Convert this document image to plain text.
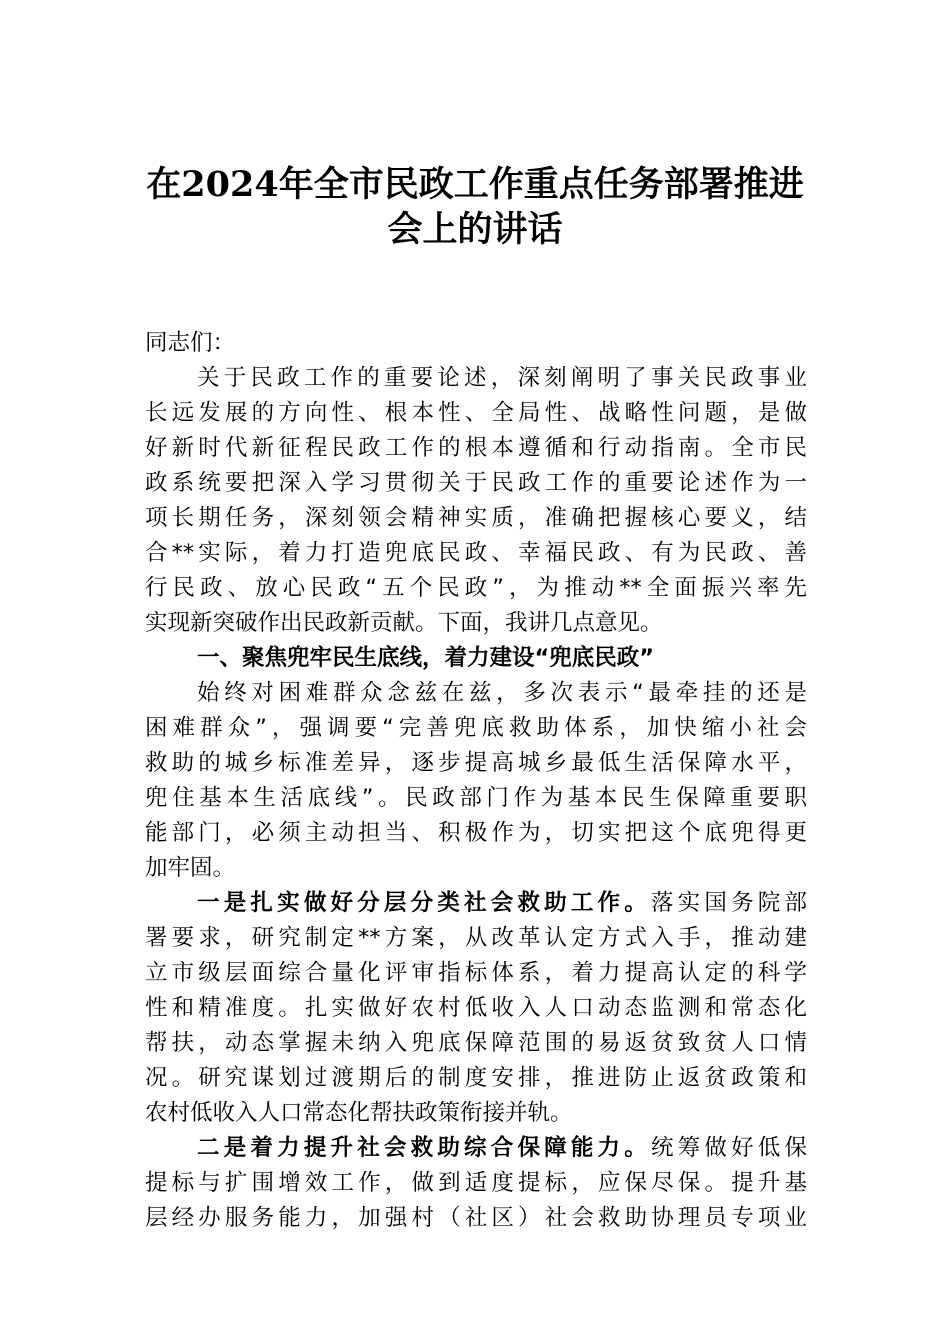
在2024年全市民政工作重点任务部署推进
会上的讲话
同志们：
关于民政工作的重要论述，深刻阐明了事关民政事业
长远发展的方向性、根本性、全局性、战略性问题，是做
好新时代新征程民政工作的根本遵循和行动指南。全市民
政系统要把深入学习贯彻关于民政工作的重要论述作为一
项长期任务，深刻领会精神实质，准确把握核心要义，结
合**实际，着力打造兜底民政、幸福民政、有为民政、善
行民政、放心民政“五个民政”，为推动**全面振兴率先
实现新突破作出民政新贡献。下面，我讲几点意见。
一、聚焦兜牢民生底线，着力建设“兜底民政”
始终对困难群众念兹在兹，多次表示“最牵挂的还是
困难群众”，强调要“完善兜底救助体系，加快缩小社会
救助的城乡标准差异，逐步提高城乡最低生活保障水平，
兜住基本生活底线”。民政部门作为基本民生保障重要职
能部门，必须主动担当、积极作为，切实把这个底兜得更
加牢固。
一是扎实做好分层分类社会救助工作。落实国务院部
署要求，研究制定**方案，从改革认定方式入手，推动建
立市级层面综合量化评审指标体系，着力提高认定的科学
性和精准度。扎实做好农村低收入人口动态监测和常态化
帮扶，动态掌握未纳入兜底保障范围的易返贫致贫人口情
况。研究谋划过渡期后的制度安排，推进防止返贫政策和
农村低收入人口常态化帮扶政策衔接并轨。
二是着力提升社会救助综合保障能力。统筹做好低保
提标与扩围增效工作，做到适度提标，应保尽保。提升基
层经办服务能力，加强村（社区）社会救助协理员专项业
